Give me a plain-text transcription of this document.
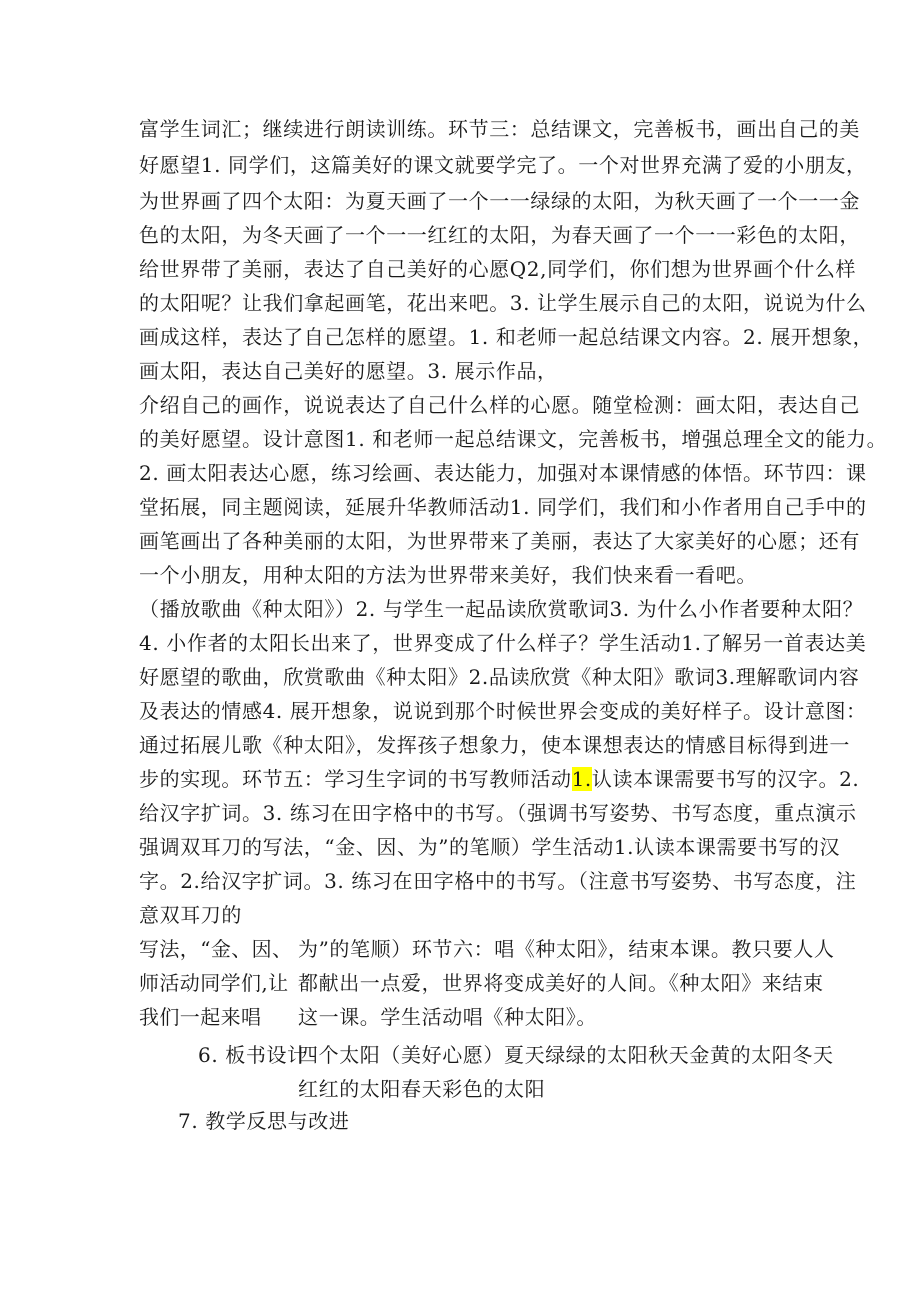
富学生词汇；继续进行朗读训练。环节三：总结课文，完善板书，画出自己的美
好愿望1. 同学们，这篇美好的课文就要学完了。一个对世界充满了爱的小朋友，
为世界画了四个太阳：为夏天画了一个一一绿绿的太阳，为秋天画了一个一一金
色的太阳，为冬天画了一个一一红红的太阳，为春天画了一个一一彩色的太阳，
给世界带了美丽，表达了自己美好的心愿Q2,同学们，你们想为世界画个什么样
的太阳呢？让我们拿起画笔，花出来吧。3. 让学生展示自己的太阳，说说为什么
画成这样，表达了自己怎样的愿望。1. 和老师一起总结课文内容。2. 展开想象，
画太阳，表达自己美好的愿望。3. 展示作品，
介绍自己的画作，说说表达了自己什么样的心愿。随堂检测：画太阳，表达自己
的美好愿望。设计意图1. 和老师一起总结课文，完善板书，增强总理全文的能力。
2. 画太阳表达心愿，练习绘画、表达能力，加强对本课情感的体悟。环节四：课
堂拓展，同主题阅读，延展升华教师活动1. 同学们，我们和小作者用自己手中的
画笔画出了各种美丽的太阳，为世界带来了美丽，表达了大家美好的心愿；还有
一个小朋友，用种太阳的方法为世界带来美好，我们快来看一看吧。
（播放歌曲《种太阳》）2. 与学生一起品读欣赏歌词3. 为什么小作者要种太阳？
4. 小作者的太阳长出来了，世界变成了什么样子？学生活动1.了解另一首表达美
好愿望的歌曲，欣赏歌曲《种太阳》2.品读欣赏《种太阳》歌词3.理解歌词内容
及表达的情感4. 展开想象，说说到那个时候世界会变成的美好样子。设计意图：
通过拓展儿歌《种太阳》，发挥孩子想象力，使本课想表达的情感目标得到进一
步的实现。环节五：学习生字词的书写教师活动1.认读本课需要书写的汉字。2.
给汉字扩词。3. 练习在田字格中的书写。（强调书写姿势、书写态度，重点演示
强调双耳刀的写法，“金、因、为”的笔顺）学生活动1.认读本课需要书写的汉
字。2.给汉字扩词。3. 练习在田字格中的书写。（注意书写姿势、书写态度，注
意双耳刀的
写法，“金、因、
师活动同学们,让
我们一起来唱
为”的笔顺）环节六：唱《种太阳》，结束本课。教只要人人
都献出一点爱，世界将变成美好的人间。《种太阳》来结束
这一课。学生活动唱《种太阳》。
6. 板书设计
四个太阳（美好心愿）夏天绿绿的太阳秋天金黄的太阳冬天
红红的太阳春天彩色的太阳
7. 教学反思与改进
